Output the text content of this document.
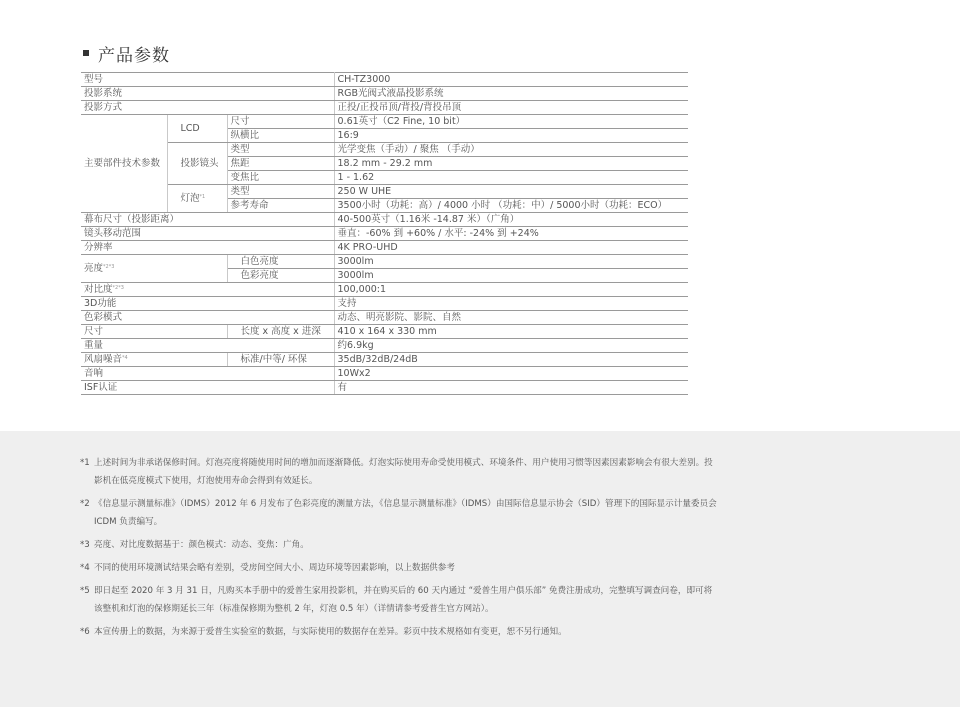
产品参数
型号			CH-TZ3000
投影系统			RGB光阀式液晶投影系统
投影方式			正投/正投吊顶/背投/背投吊顶
主要部件技术参数	LCD	尺寸	0.61英寸（C2 Fine, 10 bit）
		纵横比	16:9
	投影镜头	类型	光学变焦（手动）/ 聚焦 （手动）
		焦距	18.2 mm - 29.2 mm
		变焦比	1 - 1.62
	灯泡$^{*1}$	类型	250 W UHE
		参考寿命	3500小时（功耗：高）/ 4000 小时 （功耗：中）/ 5000小时（功耗：ECO）
幕布尺寸（投影距离）			40-500英寸（1.16米 -14.87 米）（广角）
镜头移动范围			垂直：-60% 到 +60% / 水平: -24% 到 +24%
分辨率			4K PRO-UHD
亮度$^{*2*3}$		白色亮度	3000lm
		色彩亮度	3000lm
对比度$^{*2*3}$			100,000:1
3D功能			支持
色彩模式			动态、明亮影院、影院、自然
尺寸		长度 x 高度 x 进深	410 x 164 x 330 mm
重量			约6.9kg
风扇噪音$^{*4}$		标准/中等/ 环保	35dB/32dB/24dB
音响			10Wx2
ISF认证			有
*1 上述时间为非承诺保修时间。灯泡亮度将随使用时间的增加而逐渐降低。灯泡实际使用寿命受使用模式、环境条件、用户使用习惯等因素因素影响会有很大差别。投影机在低亮度模式下使用，灯泡使用寿命会得到有效延长。
*2 《信息显示测量标准》（IDMS）2012 年 6 月发布了色彩亮度的测量方法，《信息显示测量标准》（IDMS）由国际信息显示协会（SID）管理下的国际显示计量委员会 ICDM 负责编写。
*3 亮度、对比度数据基于：颜色模式：动态、变焦：广角。
*4 不同的使用环境测试结果会略有差别，受房间空间大小、周边环境等因素影响，以上数据供参考
*5 即日起至 2020 年 3 月 31 日，凡购买本手册中的爱普生家用投影机，并在购买后的 60 天内通过 “爱普生用户俱乐部” 免费注册成功，完整填写调查问卷，即可将该整机和灯泡的保修期延长三年（标准保修期为整机 2 年，灯泡 0.5 年）（详情请参考爱普生官方网站）。
*6 本宣传册上的数据，为来源于爱普生实验室的数据，与实际使用的数据存在差异。彩页中技术规格如有变更，恕不另行通知。
